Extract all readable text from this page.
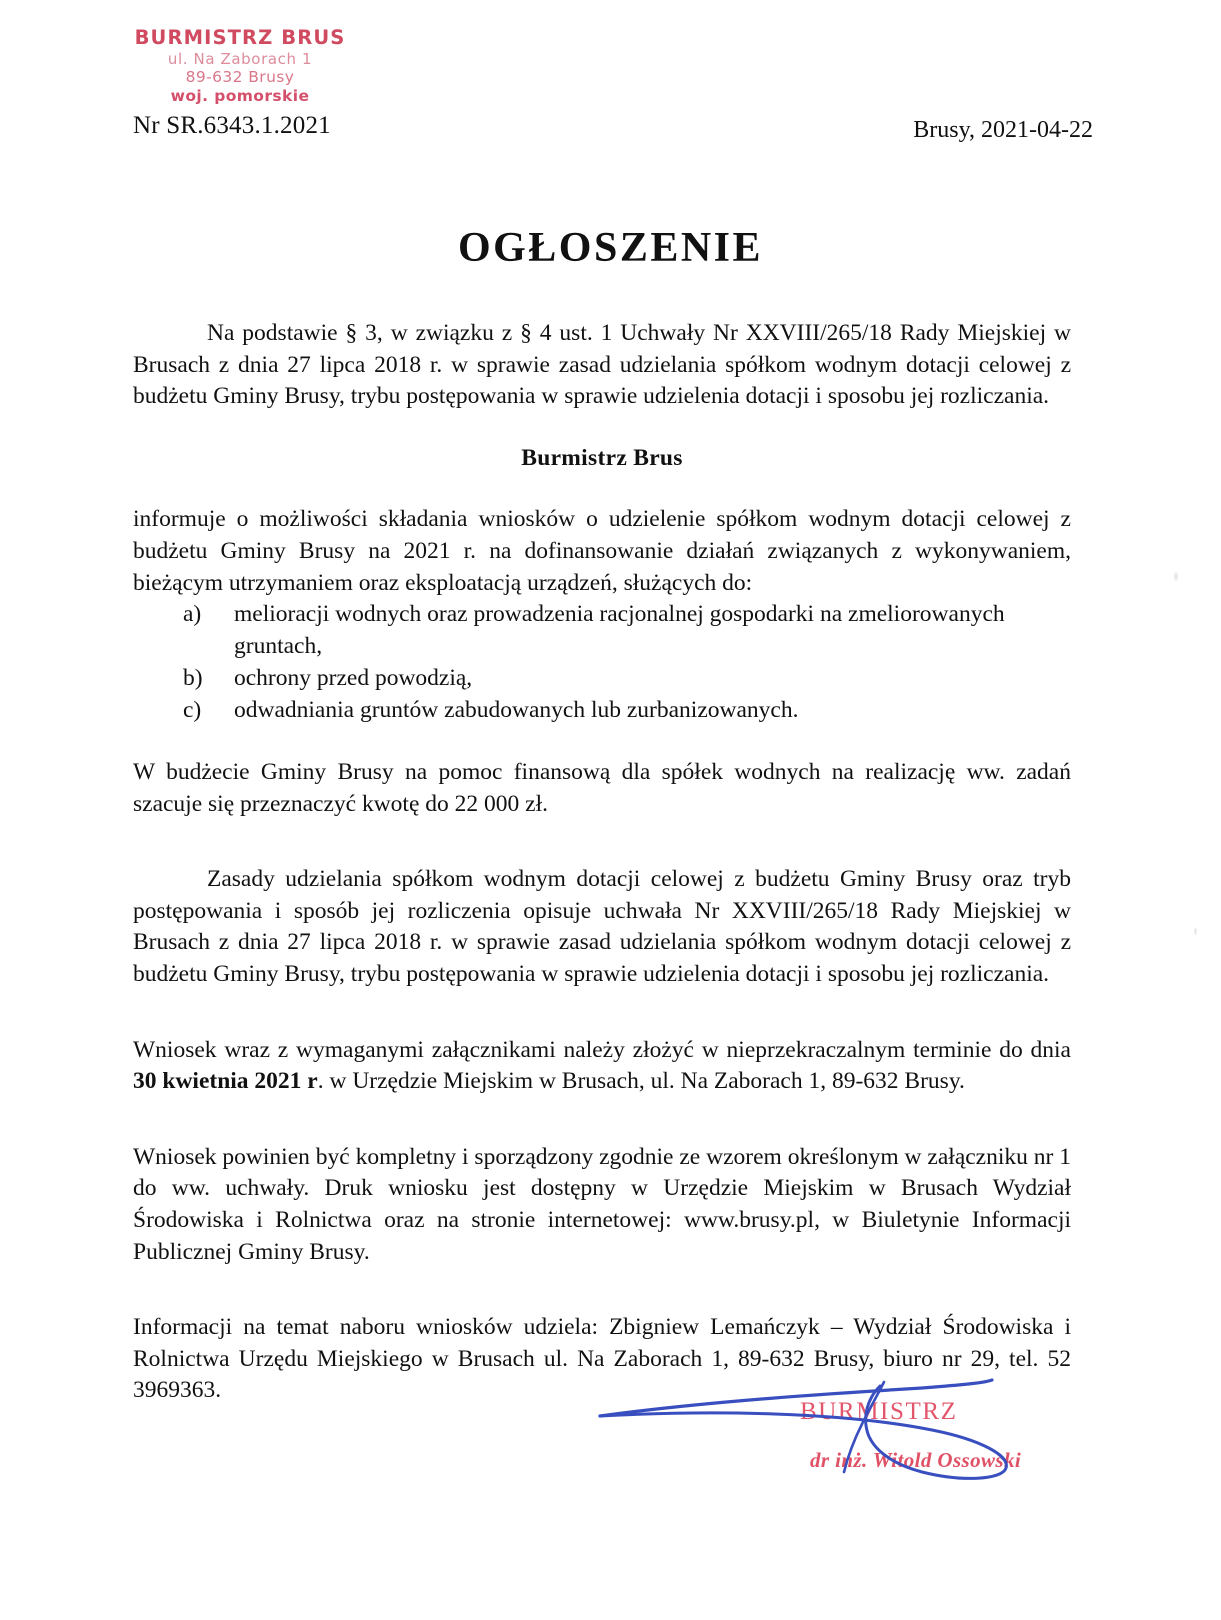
BURMISTRZ BRUS
ul. Na Zaborach 1
89-632 Brusy
woj. pomorskie
Nr SR.6343.1.2021	Brusy, 2021-04-22
OGŁOSZENIE

Na podstawie § 3, w związku z § 4 ust. 1 Uchwały Nr XXVIII/265/18 Rady Miejskiej w Brusach z dnia 27 lipca 2018 r. w sprawie zasad udzielania spółkom wodnym dotacji celowej z budżetu Gminy Brusy, trybu postępowania w sprawie udzielenia dotacji i sposobu jej rozliczania.

Burmistrz Brus

informuje o możliwości składania wniosków o udzielenie spółkom wodnym dotacji celowej z budżetu Gminy Brusy na 2021 r. na dofinansowanie działań związanych z wykonywaniem, bieżącym utrzymaniem oraz eksploatacją urządzeń, służących do:

a)	melioracji wodnych oraz prowadzenia racjonalnej gospodarki na zmeliorowanych gruntach,
b)	ochrony przed powodzią,
c)	odwadniania gruntów zabudowanych lub zurbanizowanych.

W budżecie Gminy Brusy na pomoc finansową dla spółek wodnych na realizację ww. zadań szacuje się przeznaczyć kwotę do 22 000 zł.

Zasady udzielania spółkom wodnym dotacji celowej z budżetu Gminy Brusy oraz tryb postępowania i sposób jej rozliczenia opisuje uchwała Nr XXVIII/265/18 Rady Miejskiej w Brusach z dnia 27 lipca 2018 r. w sprawie zasad udzielania spółkom wodnym dotacji celowej z budżetu Gminy Brusy, trybu postępowania w sprawie udzielenia dotacji i sposobu jej rozliczania.

Wniosek wraz z wymaganymi załącznikami należy złożyć w nieprzekraczalnym terminie do dnia 30 kwietnia 2021 r. w Urzędzie Miejskim w Brusach, ul. Na Zaborach 1, 89-632 Brusy.

Wniosek powinien być kompletny i sporządzony zgodnie ze wzorem określonym w załączniku nr 1 do ww. uchwały. Druk wniosku jest dostępny w Urzędzie Miejskim w Brusach Wydział Środowiska i Rolnictwa oraz na stronie internetowej: www.brusy.pl, w Biuletynie Informacji Publicznej Gminy Brusy.

Informacji na temat naboru wniosków udziela: Zbigniew Lemańczyk – Wydział Środowiska i Rolnictwa Urzędu Miejskiego w Brusach ul. Na Zaborach 1, 89-632 Brusy, biuro nr 29, tel. 52 3969363.

BURMISTRZ
dr inż. Witold Ossowski
